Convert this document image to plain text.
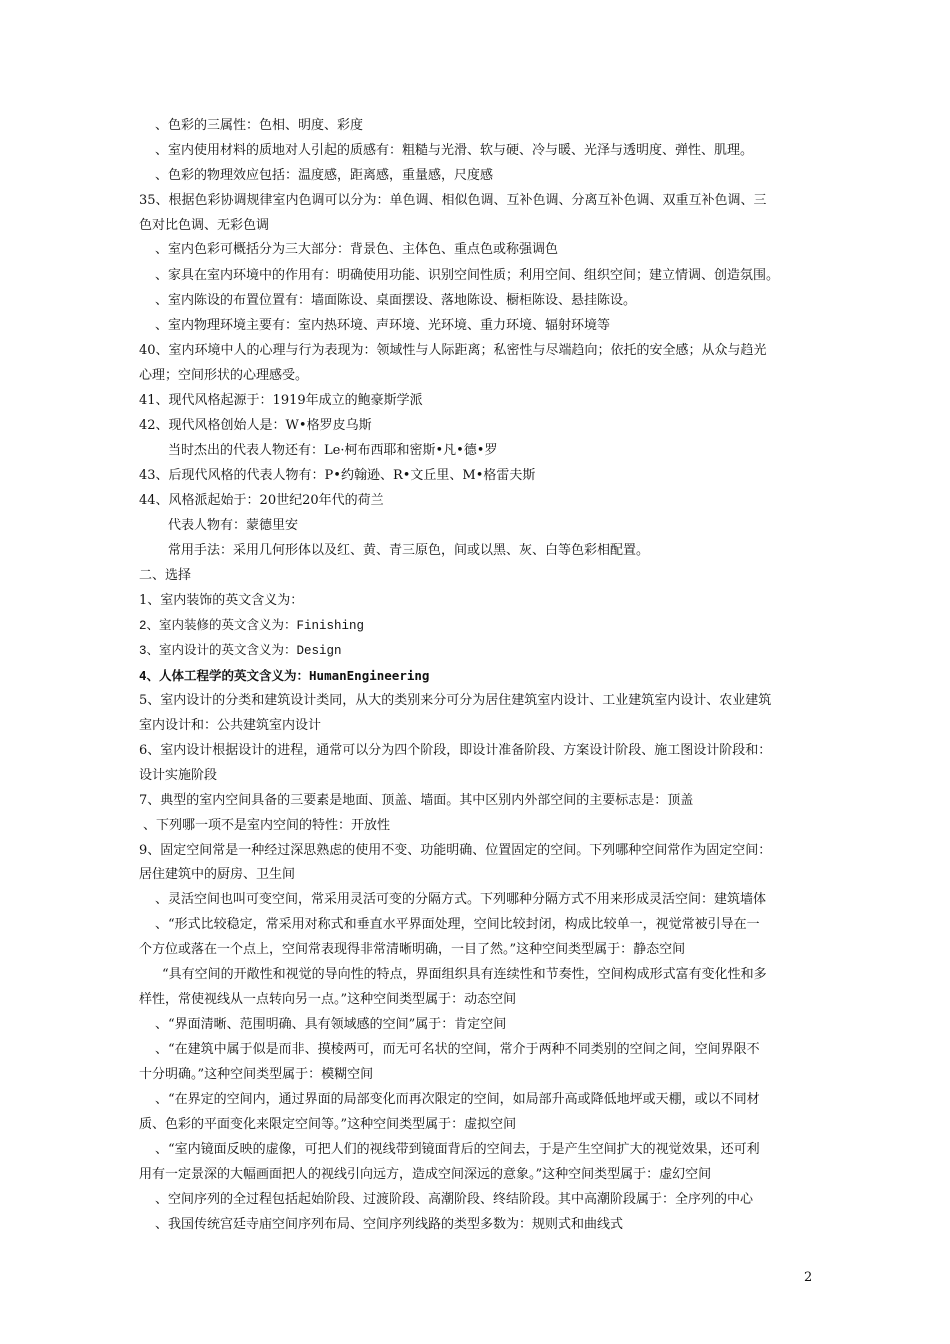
、色彩的三属性：色相、明度、彩度
、室内使用材料的质地对人引起的质感有：粗糙与光滑、软与硬、冷与暖、光泽与透明度、弹性、肌理。
、色彩的物理效应包括：温度感，距离感，重量感，尺度感
35、根据色彩协调规律室内色调可以分为：单色调、相似色调、互补色调、分离互补色调、双重互补色调、三
色对比色调、无彩色调
、室内色彩可概括分为三大部分：背景色、主体色、重点色或称强调色
、家具在室内环境中的作用有：明确使用功能、识别空间性质；利用空间、组织空间；建立情调、创造氛围。
、室内陈设的布置位置有：墙面陈设、桌面摆设、落地陈设、橱柜陈设、悬挂陈设。
、室内物理环境主要有：室内热环境、声环境、光环境、重力环境、辐射环境等
40、室内环境中人的心理与行为表现为：领域性与人际距离；私密性与尽端趋向；依托的安全感；从众与趋光
心理；空间形状的心理感受。
41、现代风格起源于：1919年成立的鲍豪斯学派
42、现代风格创始人是：W•格罗皮乌斯
当时杰出的代表人物还有：Le·柯布西耶和密斯•凡•德•罗
43、后现代风格的代表人物有：P•约翰逊、R•文丘里、M•格雷夫斯
44、风格派起始于：20世纪20年代的荷兰
代表人物有：蒙德里安
常用手法：采用几何形体以及红、黄、青三原色，间或以黑、灰、白等色彩相配置。
二、选择
1、室内装饰的英文含义为：
2、室内装修的英文含义为：Finishing
3、室内设计的英文含义为：Design
4、人体工程学的英文含义为：HumanEngineering
5、室内设计的分类和建筑设计类同，从大的类别来分可分为居住建筑室内设计、工业建筑室内设计、农业建筑
室内设计和：公共建筑室内设计
6、室内设计根据设计的进程，通常可以分为四个阶段，即设计准备阶段、方案设计阶段、施工图设计阶段和：
设计实施阶段
7、典型的室内空间具备的三要素是地面、顶盖、墙面。其中区别内外部空间的主要标志是：顶盖
、下列哪一项不是室内空间的特性：开放性
9、固定空间常是一种经过深思熟虑的使用不变、功能明确、位置固定的空间。下列哪种空间常作为固定空间：
居住建筑中的厨房、卫生间
、灵活空间也叫可变空间，常采用灵活可变的分隔方式。下列哪种分隔方式不用来形成灵活空间：建筑墙体
、“形式比较稳定，常采用对称式和垂直水平界面处理，空间比较封闭，构成比较单一，视觉常被引导在一
个方位或落在一个点上，空间常表现得非常清晰明确，一目了然。”这种空间类型属于：静态空间
“具有空间的开敞性和视觉的导向性的特点，界面组织具有连续性和节奏性，空间构成形式富有变化性和多
样性，常使视线从一点转向另一点。”这种空间类型属于：动态空间
、“界面清晰、范围明确、具有领域感的空间”属于：肯定空间
、“在建筑中属于似是而非、摸棱两可，而无可名状的空间，常介于两种不同类别的空间之间，空间界限不
十分明确。”这种空间类型属于：模糊空间
、“在界定的空间内，通过界面的局部变化而再次限定的空间，如局部升高或降低地坪或天棚，或以不同材
质、色彩的平面变化来限定空间等。”这种空间类型属于：虚拟空间
、“室内镜面反映的虚像，可把人们的视线带到镜面背后的空间去，于是产生空间扩大的视觉效果，还可利
用有一定景深的大幅画面把人的视线引向远方，造成空间深远的意象。”这种空间类型属于：虚幻空间
、空间序列的全过程包括起始阶段、过渡阶段、高潮阶段、终结阶段。其中高潮阶段属于：全序列的中心
、我国传统宫廷寺庙空间序列布局、空间序列线路的类型多数为：规则式和曲线式
2
